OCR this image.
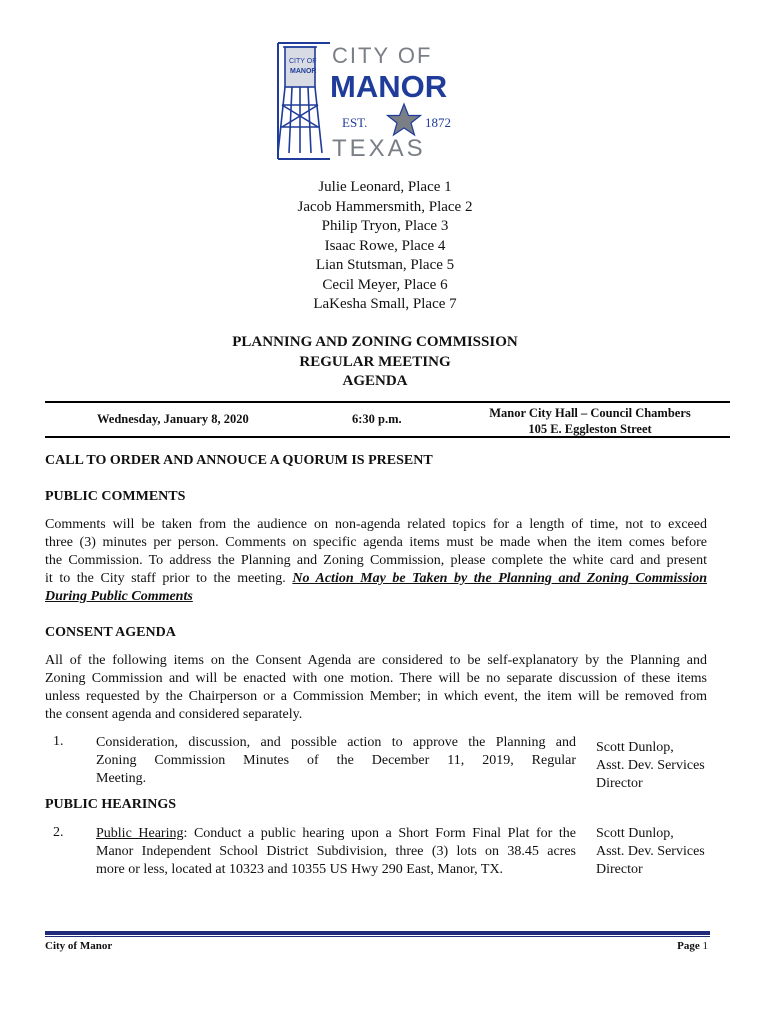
CITY OF
MANOR
CITY OF
MANOR
EST.	1872
TEXAS
Julie Leonard, Place 1
Jacob Hammersmith, Place 2
Philip Tryon, Place 3
Isaac Rowe, Place 4
Lian Stutsman, Place 5
Cecil Meyer, Place 6
LaKesha Small, Place 7
PLANNING AND ZONING COMMISSION
REGULAR MEETING
AGENDA
Wednesday, January 8, 2020	6:30 p.m.	Manor City Hall – Council Chambers
105 E. Eggleston Street
CALL TO ORDER AND ANNOUCE A QUORUM IS PRESENT
PUBLIC COMMENTS
Comments will be taken from the audience on non-agenda related topics for a length of time, not to exceed
three (3) minutes per person. Comments on specific agenda items must be made when the item comes before
the Commission. To address the Planning and Zoning Commission, please complete the white card and present
it to the City staff prior to the meeting. No Action May be Taken by the Planning and Zoning Commission
During Public Comments
CONSENT AGENDA
All of the following items on the Consent Agenda are considered to be self-explanatory by the Planning and
Zoning Commission and will be enacted with one motion. There will be no separate discussion of these items
unless requested by the Chairperson or a Commission Member; in which event, the item will be removed from
the consent agenda and considered separately.
1. Consideration, discussion, and possible action to approve the Planning and
Zoning Commission Minutes of the December 11, 2019, Regular
Meeting.
Scott Dunlop,
Asst. Dev. Services
Director
PUBLIC HEARINGS
2. Public Hearing: Conduct a public hearing upon a Short Form Final Plat for the
Manor Independent School District Subdivision, three (3) lots on 38.45 acres
more or less, located at 10323 and 10355 US Hwy 290 East, Manor, TX.
Scott Dunlop,
Asst. Dev. Services
Director
City of Manor	Page 1
